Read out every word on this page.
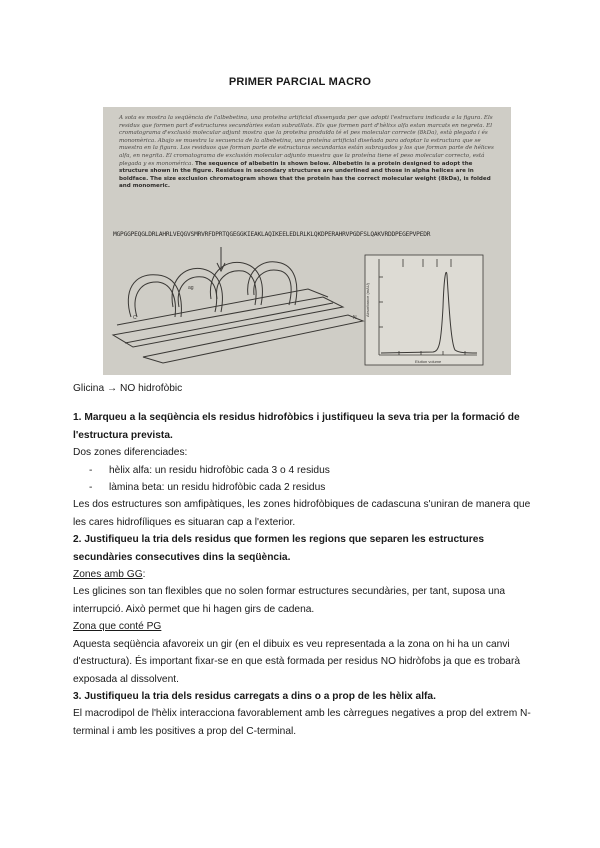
PRIMER PARCIAL MACRO
A sota es mostra la seqüència de l'albebetina, una proteïna artificial dissenyada per que adopti l'estructura indicada a la figura. Els residus que formen part d'estructures secundàries estan subratllats. Els que formen part d'hèlixs alfa estan marcats en negreta. El cromatograma d'exclusió molecular adjunt mostra que la proteïna produïda té el pes molecular correcte (8kDa), està plegada i és monomèrica. Abajo se muestra la secuencia de la albebetina, una proteína artificial diseñada para adoptar la estructura que se muestra en la figura. Los residuos que forman parte de estructuras secundarias están subrayados y los que forman parte de hélices alfa, en negrita. El cromatograma de exclusión molecular adjunto muestra que la proteína tiene el peso molecular correcto, está plegada y es monomérica. The sequence of albebetin is shown below. Albebetin is a protein designed to adopt the structure shown in the figure. Residues in secondary structures are underlined and those in alpha helices are in boldface. The size exclusion chromatogram shows that the protein has the correct molecular weight (8kDa), is folded and monomeric.
MGPGGPEQGLDRLAHRLVEQGVSMRVRFDPRTQGEGGKIEAKLAQIKEELEDLRLKLQKDPERAHRVPGDFSLQAKVRDDPEGEPVPEDR
ag
N
C
Absorbance (mAU)
Elution volume

Glicina → NO hidrofòbic

1. Marqueu a la seqüència els residus hidrofòbics i justifiqueu la seva tria per la formació de l'estructura prevista.

Dos zones diferenciades:

- hèlix alfa: un residu hidrofòbic cada 3 o 4 residus
- làmina beta: un residu hidrofòbic cada 2 residus

Les dos estructures son amfipàtiques, les zones hidrofòbiques de cadascuna s'uniran de manera que les cares hidrofíliques es situaran cap a l'exterior.

2. Justifiqueu la tria dels residus que formen les regions que separen les estructures secundàries consecutives dins la seqüència.

Zones amb GG:

Les glicines son tan flexibles que no solen formar estructures secundàries, per tant, suposa una interrupció. Això permet que hi hagen girs de cadena.

Zona que conté PG

Aquesta seqüència afavoreix un gir (en el dibuix es veu representada a la zona on hi ha un canvi d'estructura). És important fixar-se en que està formada per residus NO hidròfobs ja que es trobarà exposada al dissolvent.

3. Justifiqueu la tria dels residus carregats a dins o a prop de les hèlix alfa.

El macrodipol de l'hèlix interacciona favorablement amb les càrregues negatives a prop del extrem N-terminal i amb les positives a prop del C-terminal.
